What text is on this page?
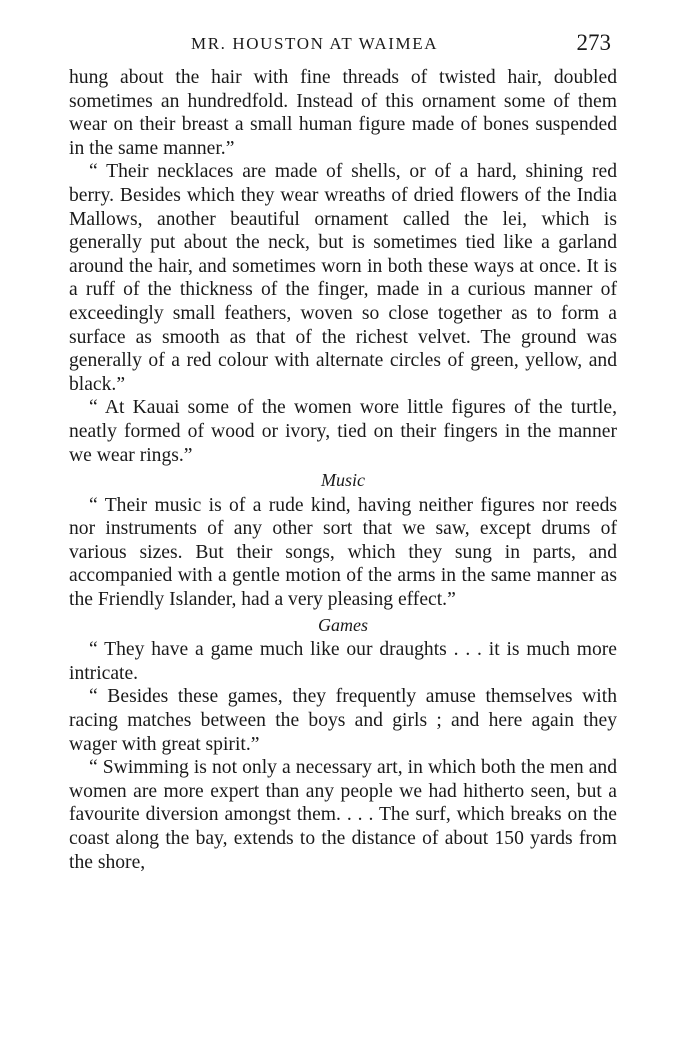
MR. HOUSTON AT WAIMEA	273

hung about the hair with fine threads of twisted hair, doubled sometimes an hundredfold. Instead of this ornament some of them wear on their breast a small human figure made of bones suspended in the same manner.”

“ Their necklaces are made of shells, or of a hard, shining red berry. Besides which they wear wreaths of dried flowers of the India Mallows, another beautiful ornament called the lei, which is generally put about the neck, but is sometimes tied like a garland around the hair, and sometimes worn in both these ways at once. It is a ruff of the thickness of the finger, made in a curious manner of exceedingly small feathers, woven so close together as to form a surface as smooth as that of the richest velvet. The ground was generally of a red colour with alternate circles of green, yellow, and black.”

“ At Kauai some of the women wore little figures of the turtle, neatly formed of wood or ivory, tied on their fingers in the manner we wear rings.”

Music

“ Their music is of a rude kind, having neither figures nor reeds nor instruments of any other sort that we saw, except drums of various sizes. But their songs, which they sung in parts, and accompanied with a gentle motion of the arms in the same manner as the Friendly Islander, had a very pleasing effect.”

Games

“ They have a game much like our draughts . . . it is much more intricate.

“ Besides these games, they frequently amuse themselves with racing matches between the boys and girls ; and here again they wager with great spirit.”

“ Swimming is not only a necessary art, in which both the men and women are more expert than any people we had hitherto seen, but a favourite diversion amongst them. . . . The surf, which breaks on the coast along the bay, extends to the distance of about 150 yards from the shore,
